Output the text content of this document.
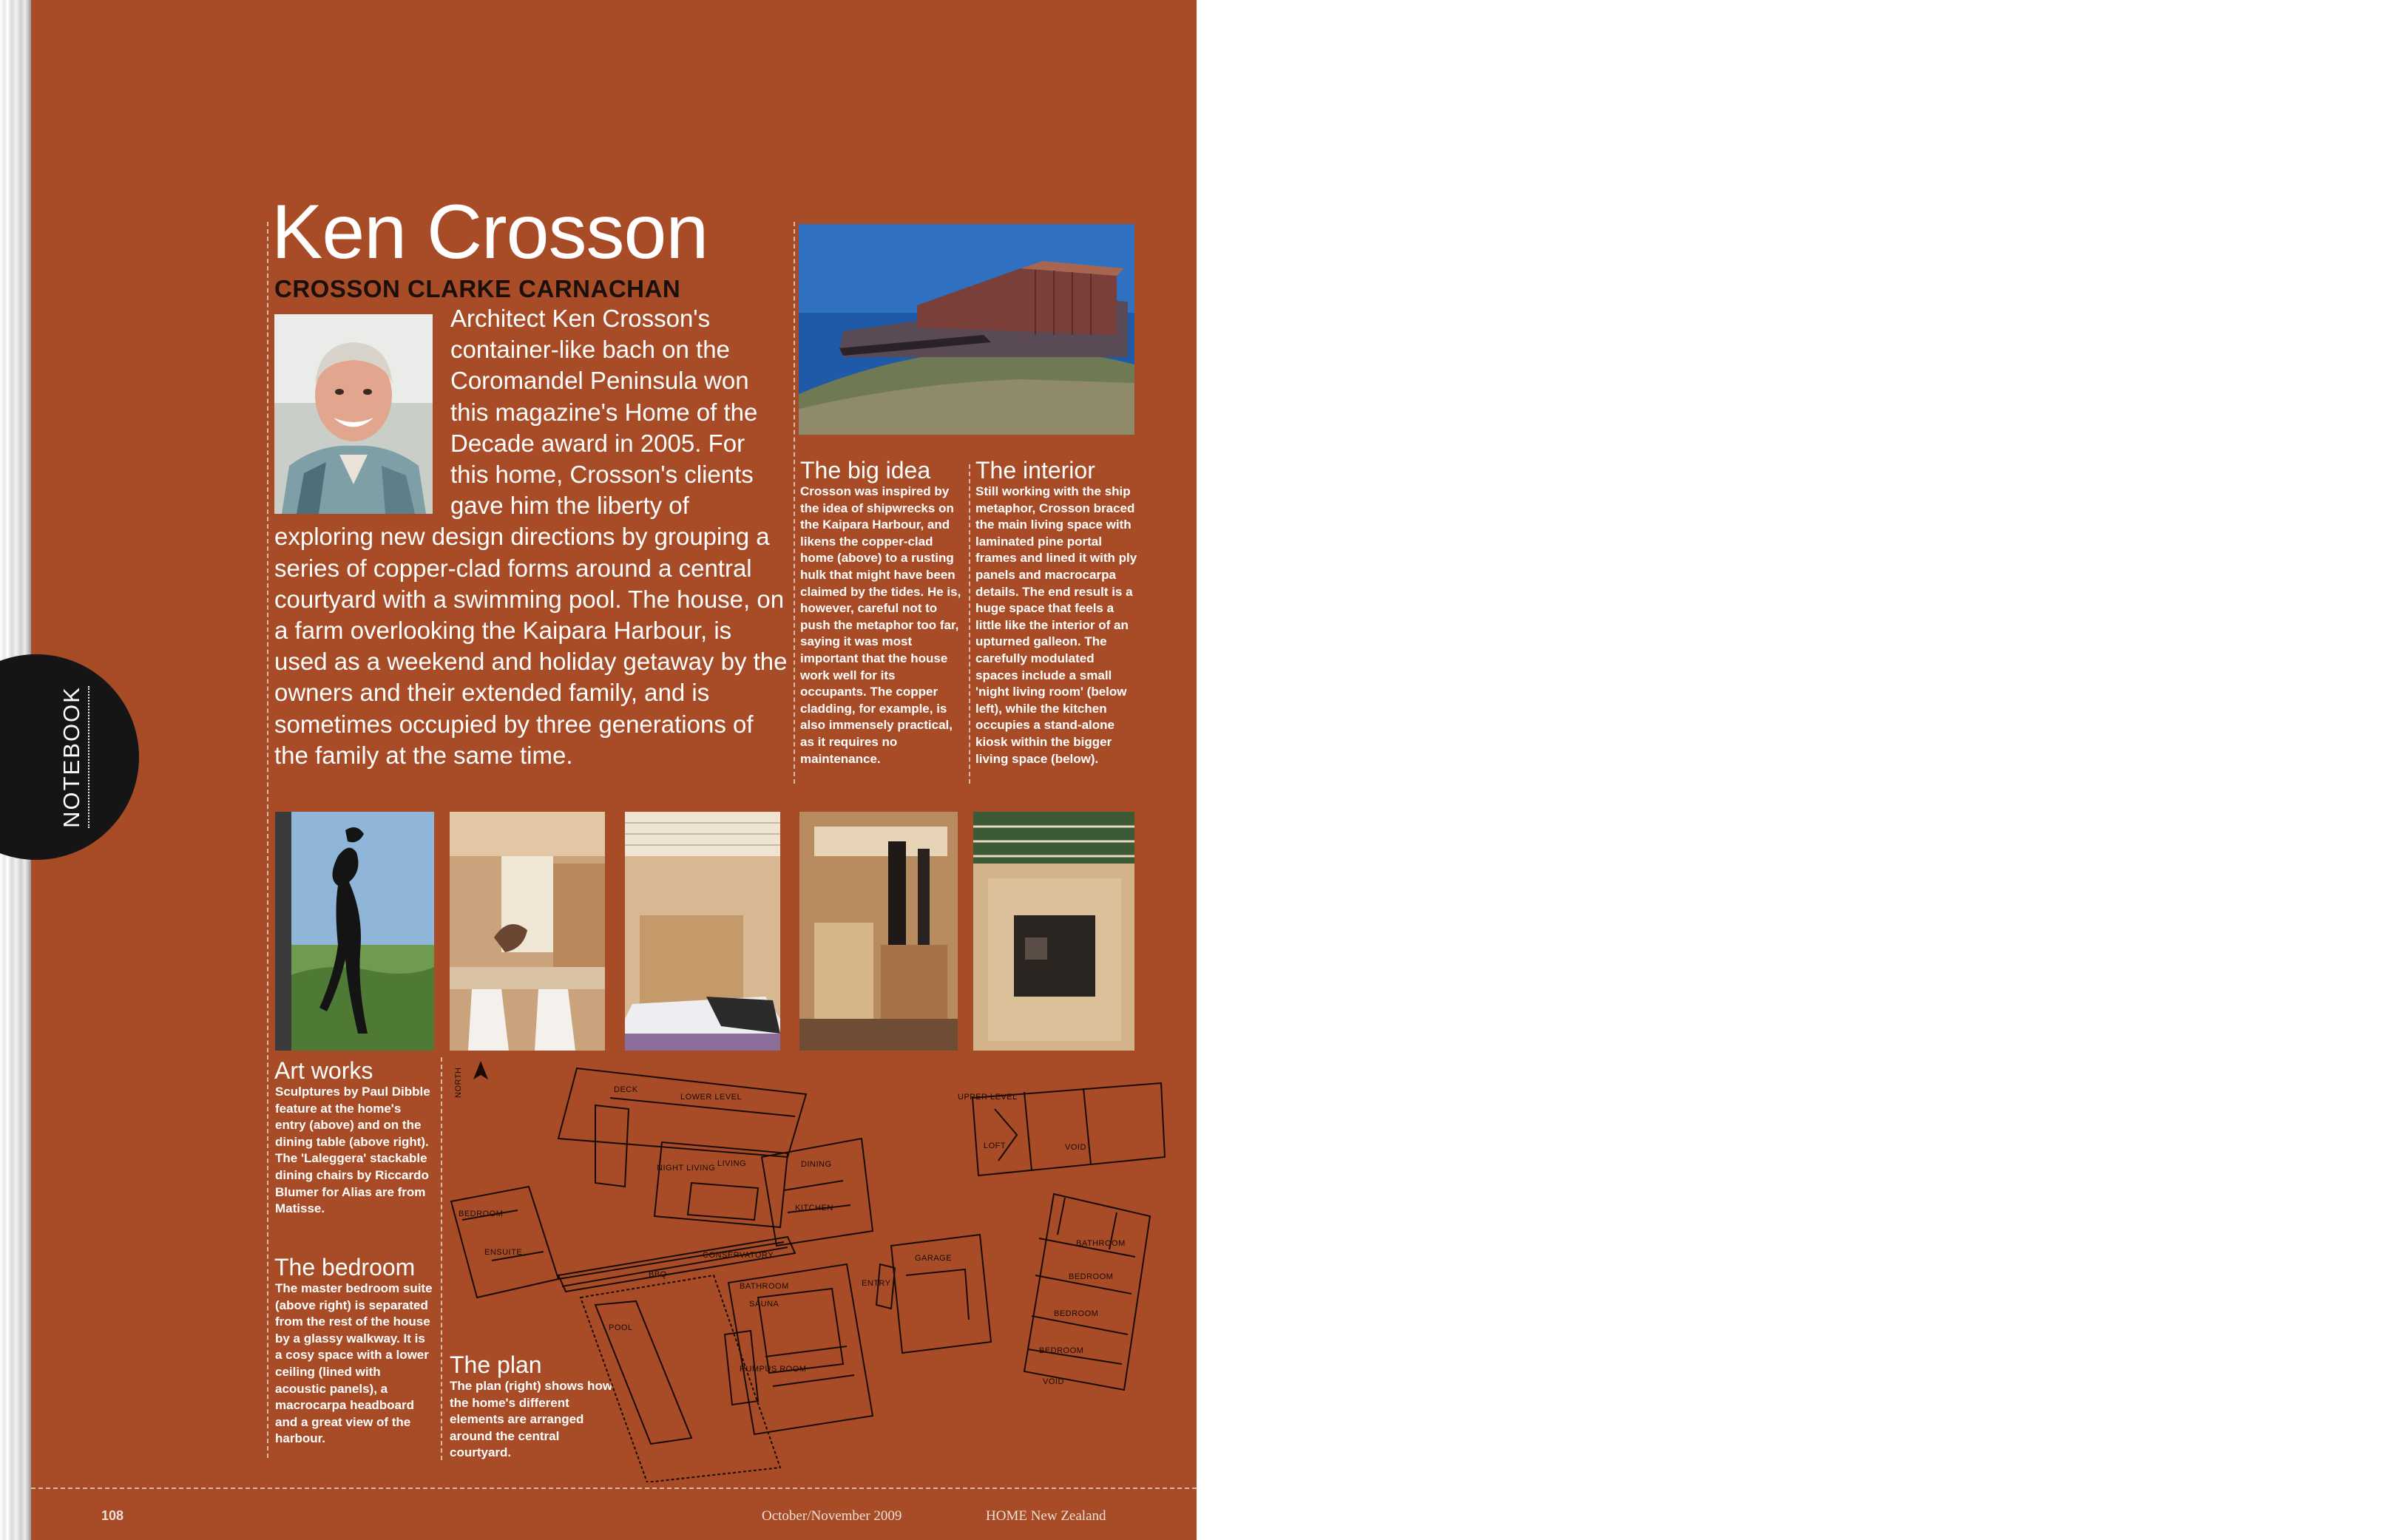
NOTEBOOK
Ken Crosson
CROSSON CLARKE CARNACHAN

Architect Ken Crosson's container-like bach on the Coromandel Peninsula won this magazine's Home of the Decade award in 2005. For this home, Crosson's clients gave him the liberty of exploring new design directions by grouping a series of copper-clad forms around a central courtyard with a swimming pool. The house, on a farm overlooking the Kaipara Harbour, is used as a weekend and holiday getaway by the owners and their extended family, and is sometimes occupied by three generations of the family at the same time.

The big idea

Crosson was inspired by the idea of shipwrecks on the Kaipara Harbour, and likens the copper-clad home (above) to a rusting hulk that might have been claimed by the tides. He is, however, careful not to push the metaphor too far, saying it was most important that the house work well for its occupants. The copper cladding, for example, is also immensely practical, as it requires no maintenance.

The interior

Still working with the ship metaphor, Crosson braced the main living space with laminated pine portal frames and lined it with ply panels and macrocarpa details. The end result is a huge space that feels a little like the interior of an upturned galleon. The carefully modulated spaces include a small 'night living room' (below left), while the kitchen occupies a stand-alone kiosk within the bigger living space (below).

Art works

Sculptures by Paul Dibble feature at the home's entry (above) and on the dining table (above right). The 'Laleggera' stackable dining chairs by Riccardo Blumer for Alias are from Matisse.

The bedroom

The master bedroom suite (above right) is separated from the rest of the house by a glassy walkway. It is a cosy space with a lower ceiling (lined with acoustic panels), a macrocarpa headboard and a great view of the harbour.

The plan

The plan (right) shows how the home's different elements are arranged around the central courtyard.

NORTH	LOWER LEVEL	UPPER LEVEL
DECK
BEDROOM
ENSUITE
NIGHT LIVING LIVING	DINING
KITCHEN
CONSERVATORY
BBQ
POOL
BATHROOM
SAUNA
ENTRY
GARAGE
RUMPUS ROOM
LOFT	VOID
BATHROOM
BEDROOM
BEDROOM
BEDROOM
VOID
108	October/November 2009	HOME New Zealand
